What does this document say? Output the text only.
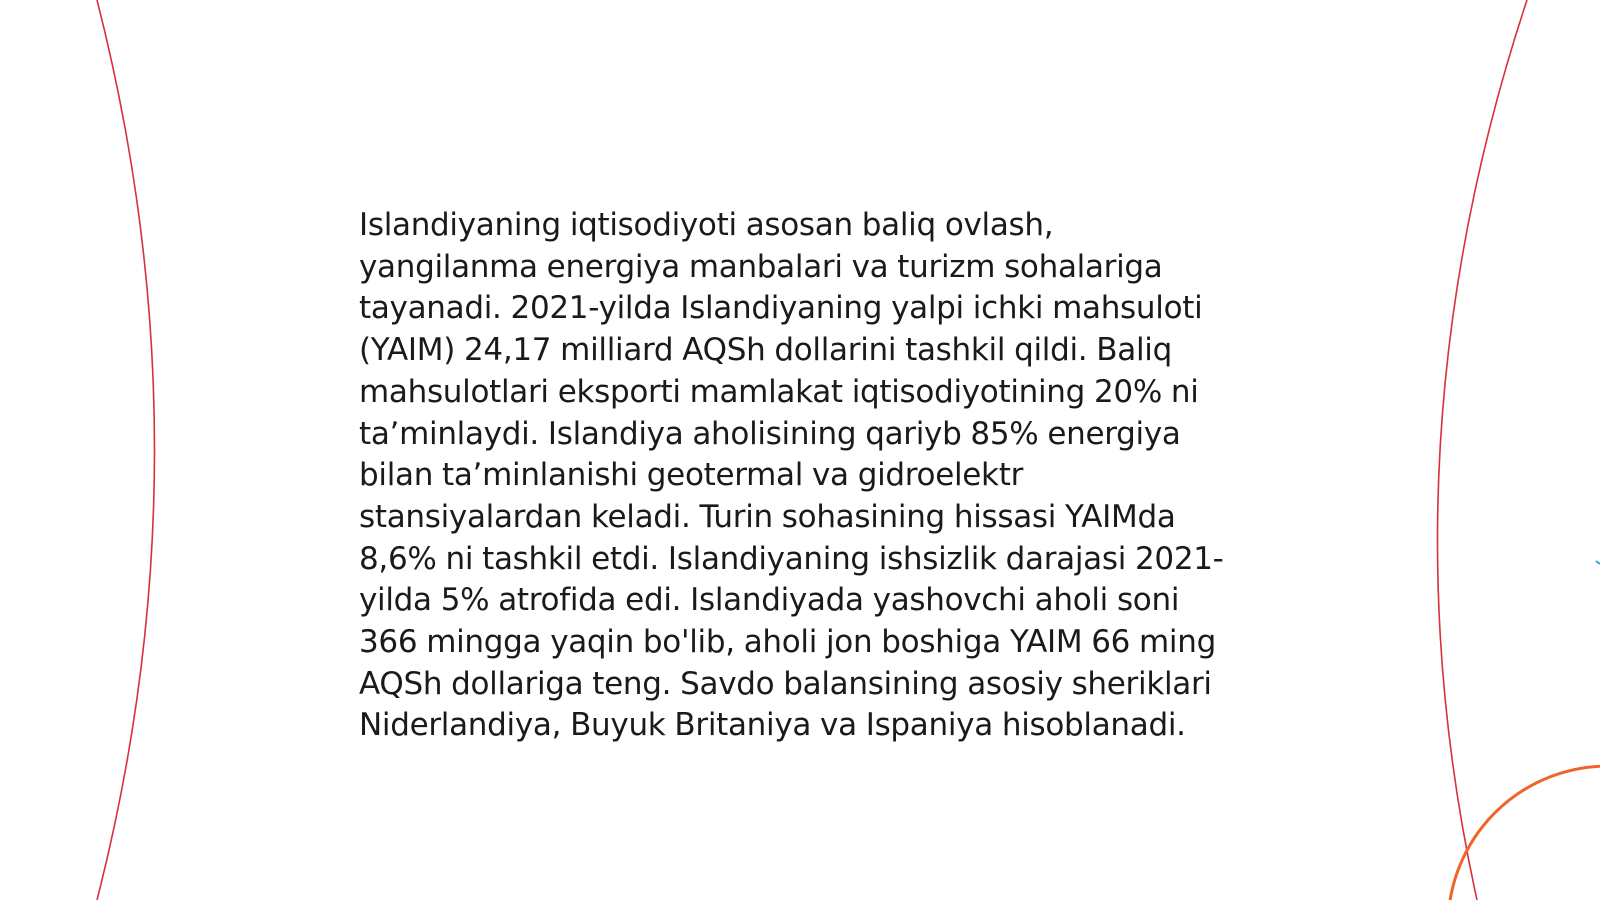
Islandiyaning iqtisodiyoti asosan baliq ovlash, yangilanma energiya manbalari va turizm sohalariga tayanadi. 2021-yilda Islandiyaning yalpi ichki mahsuloti (YAIM) 24,17 milliard AQSh dollarini tashkil qildi. Baliq mahsulotlari eksporti mamlakat iqtisodiyotining 20% ni ta’minlaydi. Islandiya aholisining qariyb 85% energiya bilan ta’minlanishi geotermal va gidroelektr stansiyalardan keladi. Turin sohasining hissasi YAIMda 8,6% ni tashkil etdi. Islandiyaning ishsizlik darajasi 2021-yilda 5% atrofida edi. Islandiyada yashovchi aholi soni 366 mingga yaqin bo'lib, aholi jon boshiga YAIM 66 ming AQSh dollariga teng. Savdo balansining asosiy sheriklari Niderlandiya, Buyuk Britaniya va Ispaniya hisoblanadi.
